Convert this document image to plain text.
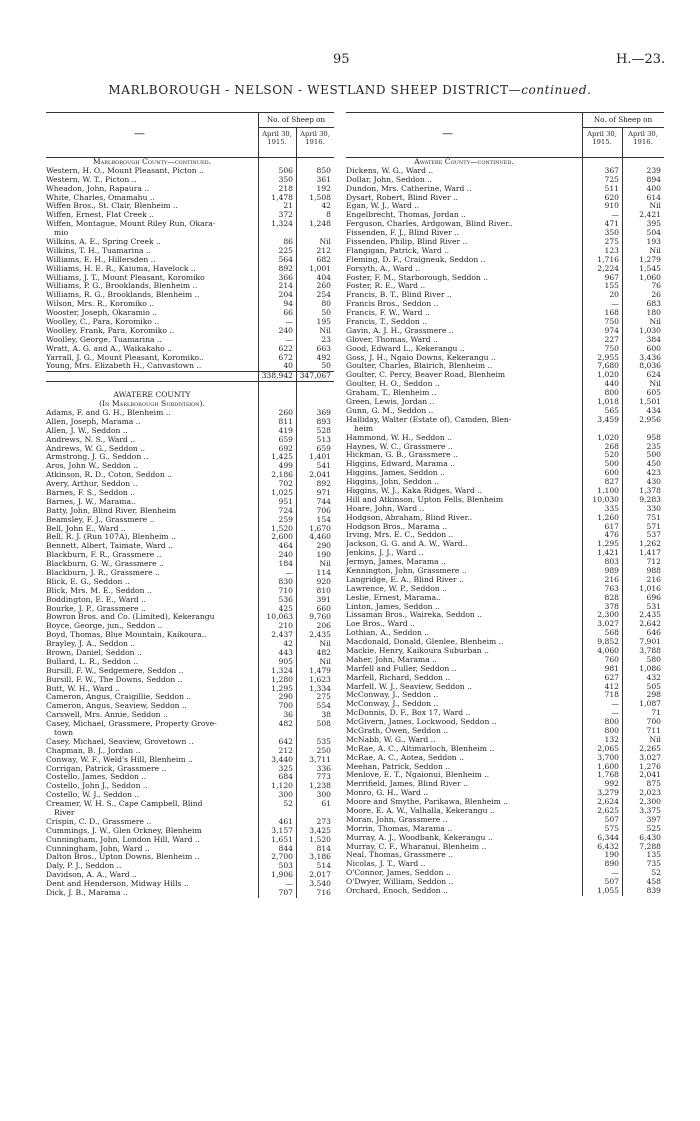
95	H.—23.
MARLBOROUGH - NELSON - WESTLAND SHEEP DISTRICT—continued.
—
No. of Sheep on
April 30,
1915.
April 30,
1916.
Marlborough County—continued.
Western, H. O., Mount Pleasant, Picton ..	506	850
Western, W. T., Picton ..	350	361
Wheadon, John, Rapaura ..	218	192
White, Charles, Omamahu ..	1,478	1,508
Wiffen Bros., St. Clair, Blenheim ..	21	42
Wiffen, Ernest, Flat Creek ..	372	8
Wiffen, Montague, Mount Riley Run, Okara-	1,324	1,248
mio
Wilkins, A. E., Spring Creek ..	86	Nil
Wilkins, T. H., Tuamarina ..	225	212
Williams, E. H., Hillersden ..	564	682
Williams, H. E. R., Kaiuma, Havelock ..	892	1,001
Williams, J. T., Mount Pleasant, Koromiko	366	404
Williams, P. G., Brooklands, Blenheim ..	214	260
Williams, R. G., Brooklands, Blenheim ..	204	254
Wilson, Mrs. R., Koromiko ..	94	80
Wooster, Joseph, Okaramio ..	66	50
Woolley, C., Para, Koromiko ..	—	195
Woolley, Frank, Para, Koromiko ..	240	Nil
Woolley, George, Tuamarina ..	—	23
Wratt, A. G. and A., Waikakaho ..	622	663
Yarrall, J. G., Mount Pleasant, Koromiko..	672	492
Young, Mrs. Elizabeth H., Canvastown ..	40	50
338,942 347,067
AWATERE COUNTY
(In Marlborough Subdivision).
Adams, F. and G. H., Blenheim ..	260	369
Allen, Joseph, Marama ..	811	893
Allen, J. W., Seddon ..	419	528
Andrews, N. S., Ward ..	659	513
Andrews, W. G., Seddon ..	692	659
Armstrong, J. G., Seddon ..	1,425	1,401
Aros, John W., Seddon ..	499	541
Atkinson, R. D., Coton, Seddon ..	2,186	2,041
Avery, Arthur, Seddon ..	702	892
Barnes, F. S., Seddon ..	1,025	971
Barnes, J. W., Marama..	951	744
Batty, John, Blind River, Blenheim	724	706
Beamsley, F. J., Grassmere ..	259	154
Bell, John E., Ward ..	1,520	1,670
Bell, R. J. (Run 107A), Blenheim ..	2,600	4,460
Bennett, Albert, Taimate, Ward ..	464	290
Blackburn, F. R., Grassmere ..	240	190
Blackburn, G. W., Grassmere ..	184	Nil
Blackburn, J. R., Grassmere ..	—	114
Blick, E. G., Seddon ..	830	920
Blick, Mrs. M. E., Seddon ..	710	810
Boddington, E. E., Ward ..	536	391
Bourke, J. P., Grassmere ..	425	660
Bowron Bros. and Co. (Limited), Kekerangu	10,063	9,760
Boyce, George, jun., Seddon ..	210	206
Boyd, Thomas, Blue Mountain, Kaikoura..	2,437	2,435
Brayley, J. A., Seddon ..	42	Nil
Brown, Daniel, Seddon ..	443	482
Bullard, L. R., Seddon ..	905	Nil
Bursill, F. W., Sedgemere, Seddon ..	1,324	1,479
Bursill, F. W., The Downs, Seddon ..	1,280	1,623
Butt, W. H., Ward ..	1,295	1,334
Cameron, Angus, Craigillie, Seddon ..	290	275
Cameron, Angus, Seaview, Seddon ..	700	554
Carswell, Mrs. Annie, Seddon ..	36	38
Casey, Michael, Grassmere, Property Grove-	482	508
town
Casey, Michael, Seaview, Grovetown ..	642	535
Chapman, B. J., Jordan ..	212	250
Conway, W. F., Weld's Hill, Blenheim ..	3,440	3,711
Corrigan, Patrick, Grassmere ..	325	336
Costello, James, Seddon ..	684	773
Costello, John J., Seddon ..	1,120	1,238
Costello, W. J., Seddon ..	300	300
Creamer, W. H. S., Cape Campbell, Blind	52	61
River
Crispin, C. D., Grassmere ..	461	273
Cummings, J. W., Glen Orkney, Blenheim	3,157	3,425
Cunningham, John, London Hill, Ward ..	1,651	1,520
Cunningham, John, Ward ..	844	814
Dalton Bros., Upton Downs, Blenheim ..	2,700	3,186
Daly, P. J., Seddon ..	503	514
Davidson, A. A., Ward ..	1,906	2,017
Dent and Henderson, Midway Hills ..	—	3,540
Dick, J. B., Marama ..	707	716
—
No. of Sheep on
April 30,
1915.
April 30,
1916.
Awatere County—continued.
Dickens, W. G., Ward ..	367	239
Dollar, John, Seddon ..	725	894
Dundon, Mrs. Catherine, Ward ..	511	400
Dysart, Robert, Blind River ..	620	614
Egan, W. J., Ward ..	910	Nil
Engelbrecht, Thomas, Jordan ..	—	2,421
Ferguson, Charles, Ardgowan, Blind River..	471	395
Fissenden, F. J., Blind River ..	350	504
Fissenden, Philip, Blind River ..	275	193
Flangigan, Patrick, Ward ..	123	Nil
Fleming, D. F., Craigneuk, Seddon ..	1,716	1,279
Forsyth, A., Ward ..	2,224	1,545
Foster, F. M., Starborough, Seddon ..	967	1,060
Foster, R. E., Ward ..	155	76
Francis, B. T., Blind River ..	20	26
Francis Bros., Seddon ..	—	683
Francis, F. W., Ward ..	168	180
Francis, T., Seddon ..	750	Nil
Gavin, A. J. H., Grassmere ..	974	1,030
Glover, Thomas, Ward ..	227	384
Good, Edward L., Kekerangu ..	750	600
Goss, J. H., Ngaio Downs, Kekerangu ..	2,955	3,436
Goulter, Charles, Blairich, Blenheim ..	7,680	8,036
Goulter, C. Percy, Beaver Road, Blenheim	1,020	624
Goulter, H. O., Seddon ..	440	Nil
Graham, T., Blenheim ..	800	605
Green, Lewis, Jordan ..	1,018	1,501
Gunn, G. M., Seddon ..	565	434
Halliday, Walter (Estate of), Camden, Blen-	3,459	2,956
heim
Hammond, W. H., Seddon ..	1,020	958
Haynes, W. C., Grassmere ..	268	235
Hickman, G. B., Grassmere ..	520	500
Higgins, Edward, Marama ..	500	450
Higgins, James, Seddon ..	600	423
Higgins, John, Seddon ..	827	430
Higgins, W. J., Kaka Ridges, Ward ..	1,100	1,378
Hill and Atkinson, Upton Fells, Blenheim	10,030	9,283
Hoare, John, Ward ..	335	330
Hodgson, Abraham, Blind River..	1,260	751
Hodgson Bros., Marama ..	617	571
Irving, Mrs. E. C., Seddon ..	476	537
Jackson, G. G. and A. W., Ward..	1,295	1,262
Jenkins, J. J., Ward ..	1,421	1,417
Jermyn, James, Marama ..	803	712
Kennington, John, Grassmere ..	989	988
Langridge, E. A., Blind River ..	216	216
Lawrence, W. P., Seddon ..	763	1,016
Leslie, Ernest, Marama..	828	696
Linton, James, Seddon ..	378	531
Lissaman Bros., Waireka, Seddon ..	2,300	2,435
Loe Bros., Ward ..	3,027	2,642
Lothian, A., Seddon ..	568	646
Macdonald, Donald, Glenlee, Blenheim ..	9,852	7,901
Mackie, Henry, Kaikoura Suburban ..	4,060	3,788
Maher, John, Marama ..	760	580
Marfell and Fuller, Seddon ..	981	1,086
Marfell, Richard, Seddon ..	627	432
Marfell, W. J., Seaview, Seddon ..	412	505
McConway, J., Seddon ..	718	298
McConway, J., Seddon ..	—	1,087
McDonnis, D. F., Box 17, Ward ..	—	71
McGivern, James, Lockwood, Seddon ..	800	700
McGrath, Owen, Seddon ..	800	711
McNabb, W. G., Ward ..	132	Nil
McRae, A. C., Altimarloch, Blenheim ..	2,065	2,265
McRae, A. C., Aotea, Seddon ..	3,700	3,027
Meehan, Patrick, Seddon ..	1,600	1,276
Menlove, E. T., Ngaionui, Blenheim ..	1,768	2,041
Merrifield, James, Blind River ..	992	875
Monro, G. H., Ward ..	3,279	2,023
Moore and Smythe, Parikawa, Blenheim ..	2,624	2,300
Moore, E. A. W., Valhalla, Kekerangu ..	2,625	3,375
Moran, John, Grassmere ..	507	397
Morrin, Thomas, Marama ..	575	525
Murray, A. J., Woodbank, Kekerangu ..	6,344	6,430
Murray, C. F., Wharanui, Blenheim ..	6,432	7,288
Neal, Thomas, Grassmere ..	190	135
Nicolas, J. T., Ward ..	890	735
O'Connor, James, Seddon ..	—	52
O'Dwyer, William, Seddon ..	507	458
Orchard, Enoch, Seddon ..	1,055	839
